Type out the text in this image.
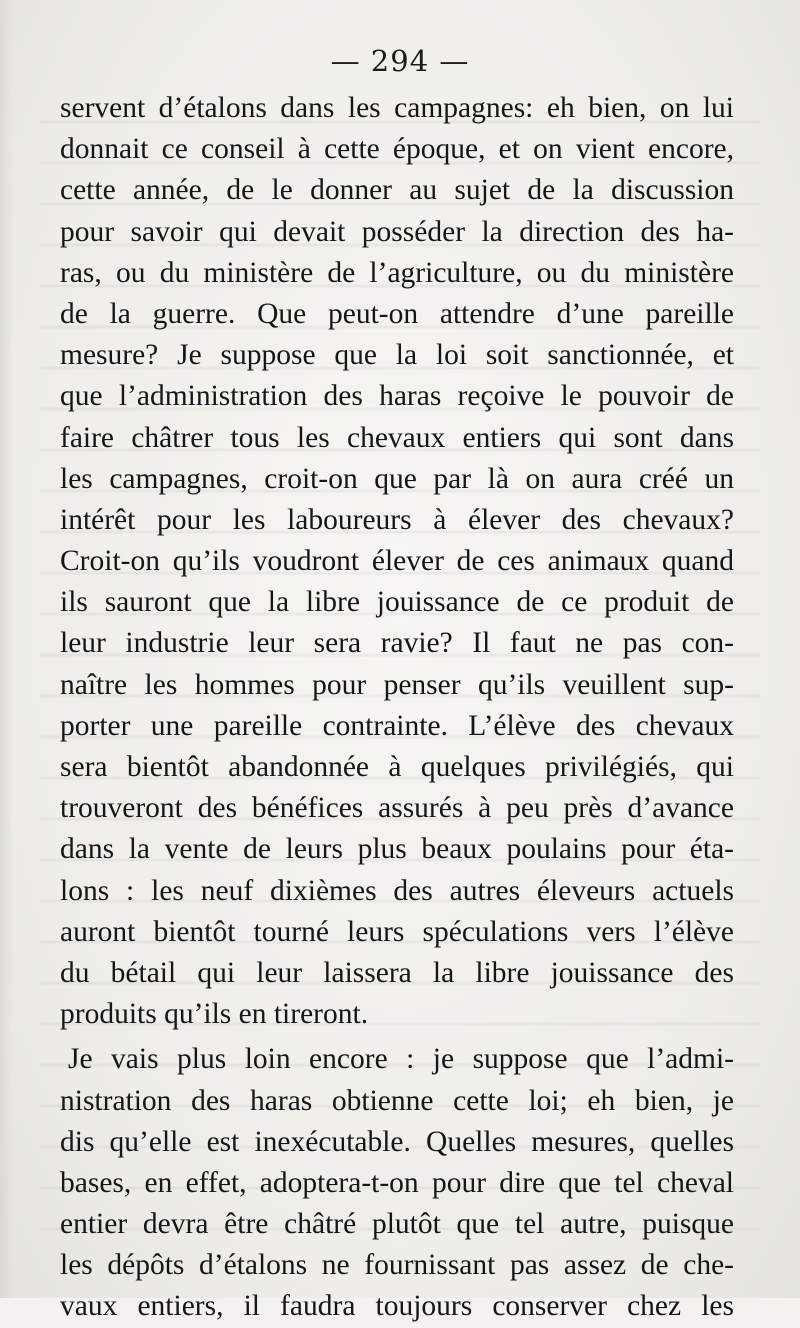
— 294 —
servent d’étalons dans les campagnes: eh bien, on lui
donnait ce conseil à cette époque, et on vient encore,
cette année, de le donner au sujet de la discussion
pour savoir qui devait posséder la direction des ha-
ras, ou du ministère de l’agriculture, ou du ministère
de la guerre. Que peut-on attendre d’une pareille
mesure? Je suppose que la loi soit sanctionnée, et
que l’administration des haras reçoive le pouvoir de
faire châtrer tous les chevaux entiers qui sont dans
les campagnes, croit-on que par là on aura créé un
intérêt pour les laboureurs à élever des chevaux?
Croit-on qu’ils voudront élever de ces animaux quand
ils sauront que la libre jouissance de ce produit de
leur industrie leur sera ravie? Il faut ne pas con-
naître les hommes pour penser qu’ils veuillent sup-
porter une pareille contrainte. L’élève des chevaux
sera bientôt abandonnée à quelques privilégiés, qui
trouveront des bénéfices assurés à peu près d’avance
dans la vente de leurs plus beaux poulains pour éta-
lons : les neuf dixièmes des autres éleveurs actuels
auront bientôt tourné leurs spéculations vers l’élève
du bétail qui leur laissera la libre jouissance des
produits qu’ils en tireront.
Je vais plus loin encore : je suppose que l’admi-
nistration des haras obtienne cette loi; eh bien, je
dis qu’elle est inexécutable. Quelles mesures, quelles
bases, en effet, adoptera-t-on pour dire que tel cheval
entier devra être châtré plutôt que tel autre, puisque
les dépôts d’étalons ne fournissant pas assez de che-
vaux entiers, il faudra toujours conserver chez les
